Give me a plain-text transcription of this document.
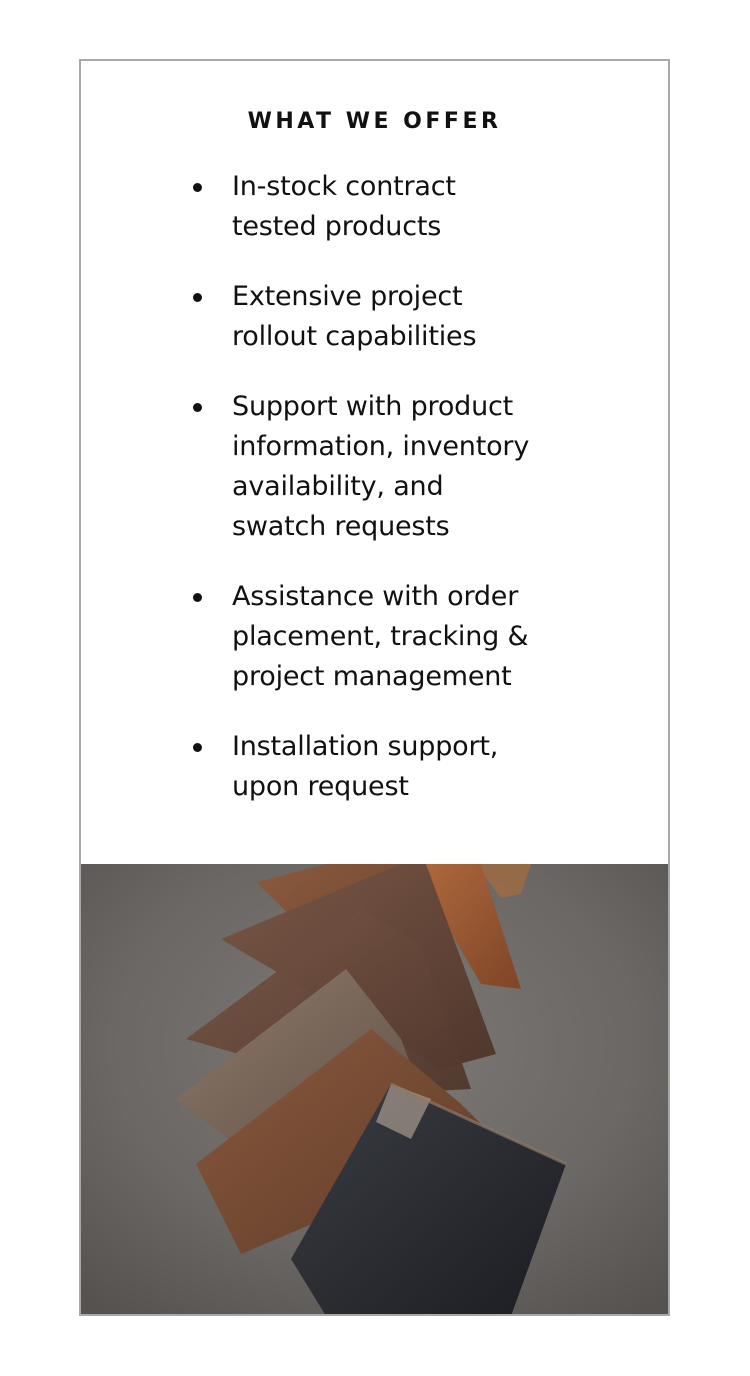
WHAT WE OFFER
In-stock contract tested products
Extensive project rollout capabilities
Support with product information, inventory availability, and swatch requests
Assistance with order placement, tracking & project management
Installation support, upon request
